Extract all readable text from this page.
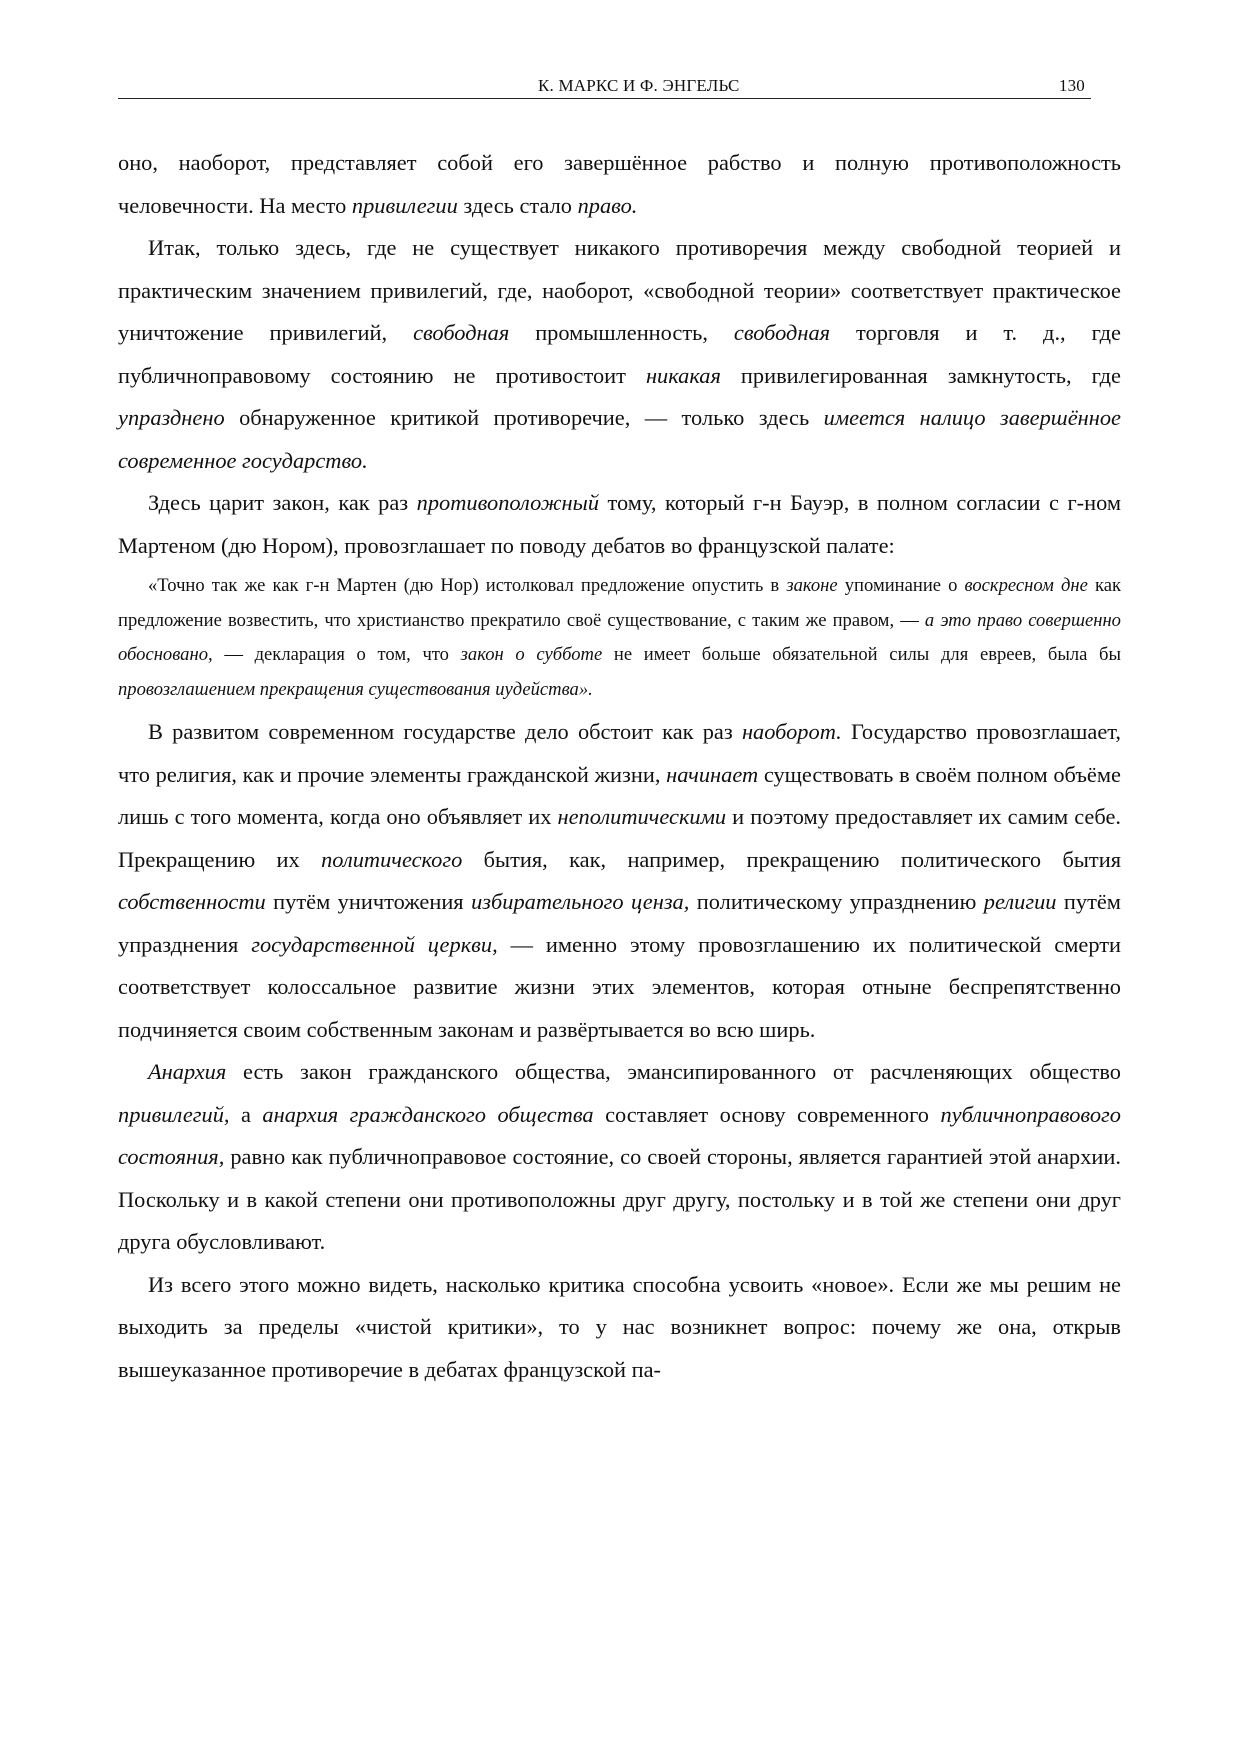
К. МАРКС И Ф. ЭНГЕЛЬС	130

оно, наоборот, представляет собой его завершённое рабство и полную противоположность человечности. На место привилегии здесь стало право.

Итак, только здесь, где не существует никакого противоречия между свободной теорией и практическим значением привилегий, где, наоборот, «свободной теории» соответствует практическое уничтожение привилегий, свободная промышленность, свободная торговля и т. д., где публичноправовому состоянию не противостоит никакая привилегированная замкнутость, где упразднено обнаруженное критикой противоречие, — только здесь имеется налицо завершённое современное государство.

Здесь царит закон, как раз противоположный тому, который г-н Бауэр, в полном согласии с г-ном Мартеном (дю Нором), провозглашает по поводу дебатов во французской палате:

«Точно так же как г-н Мартен (дю Нор) истолковал предложение опустить в законе упоминание о воскресном дне как предложение возвестить, что христианство прекратило своё существование, с таким же правом, — а это право совершенно обосновано, — декларация о том, что закон о субботе не имеет больше обязательной силы для евреев, была бы провозглашением прекращения существования иудейства».

В развитом современном государстве дело обстоит как раз наоборот. Государство провозглашает, что религия, как и прочие элементы гражданской жизни, начинает существовать в своём полном объёме лишь с того момента, когда оно объявляет их неполитическими и поэтому предоставляет их самим себе. Прекращению их политического бытия, как, например, прекращению политического бытия собственности путём уничтожения избирательного ценза, политическому упразднению религии путём упразднения государственной церкви, — именно этому провозглашению их политической смерти соответствует колоссальное развитие жизни этих элементов, которая отныне беспрепятственно подчиняется своим собственным законам и развёртывается во всю ширь.

Анархия есть закон гражданского общества, эмансипированного от расчленяющих общество привилегий, а анархия гражданского общества составляет основу современного публичноправового состояния, равно как публичноправовое состояние, со своей стороны, является гарантией этой анархии. Поскольку и в какой степени они противоположны друг другу, постольку и в той же степени они друг друга обусловливают.

Из всего этого можно видеть, насколько критика способна усвоить «новое». Если же мы решим не выходить за пределы «чистой критики», то у нас возникнет вопрос: почему же она, открыв вышеуказанное противоречие в дебатах французской па-
